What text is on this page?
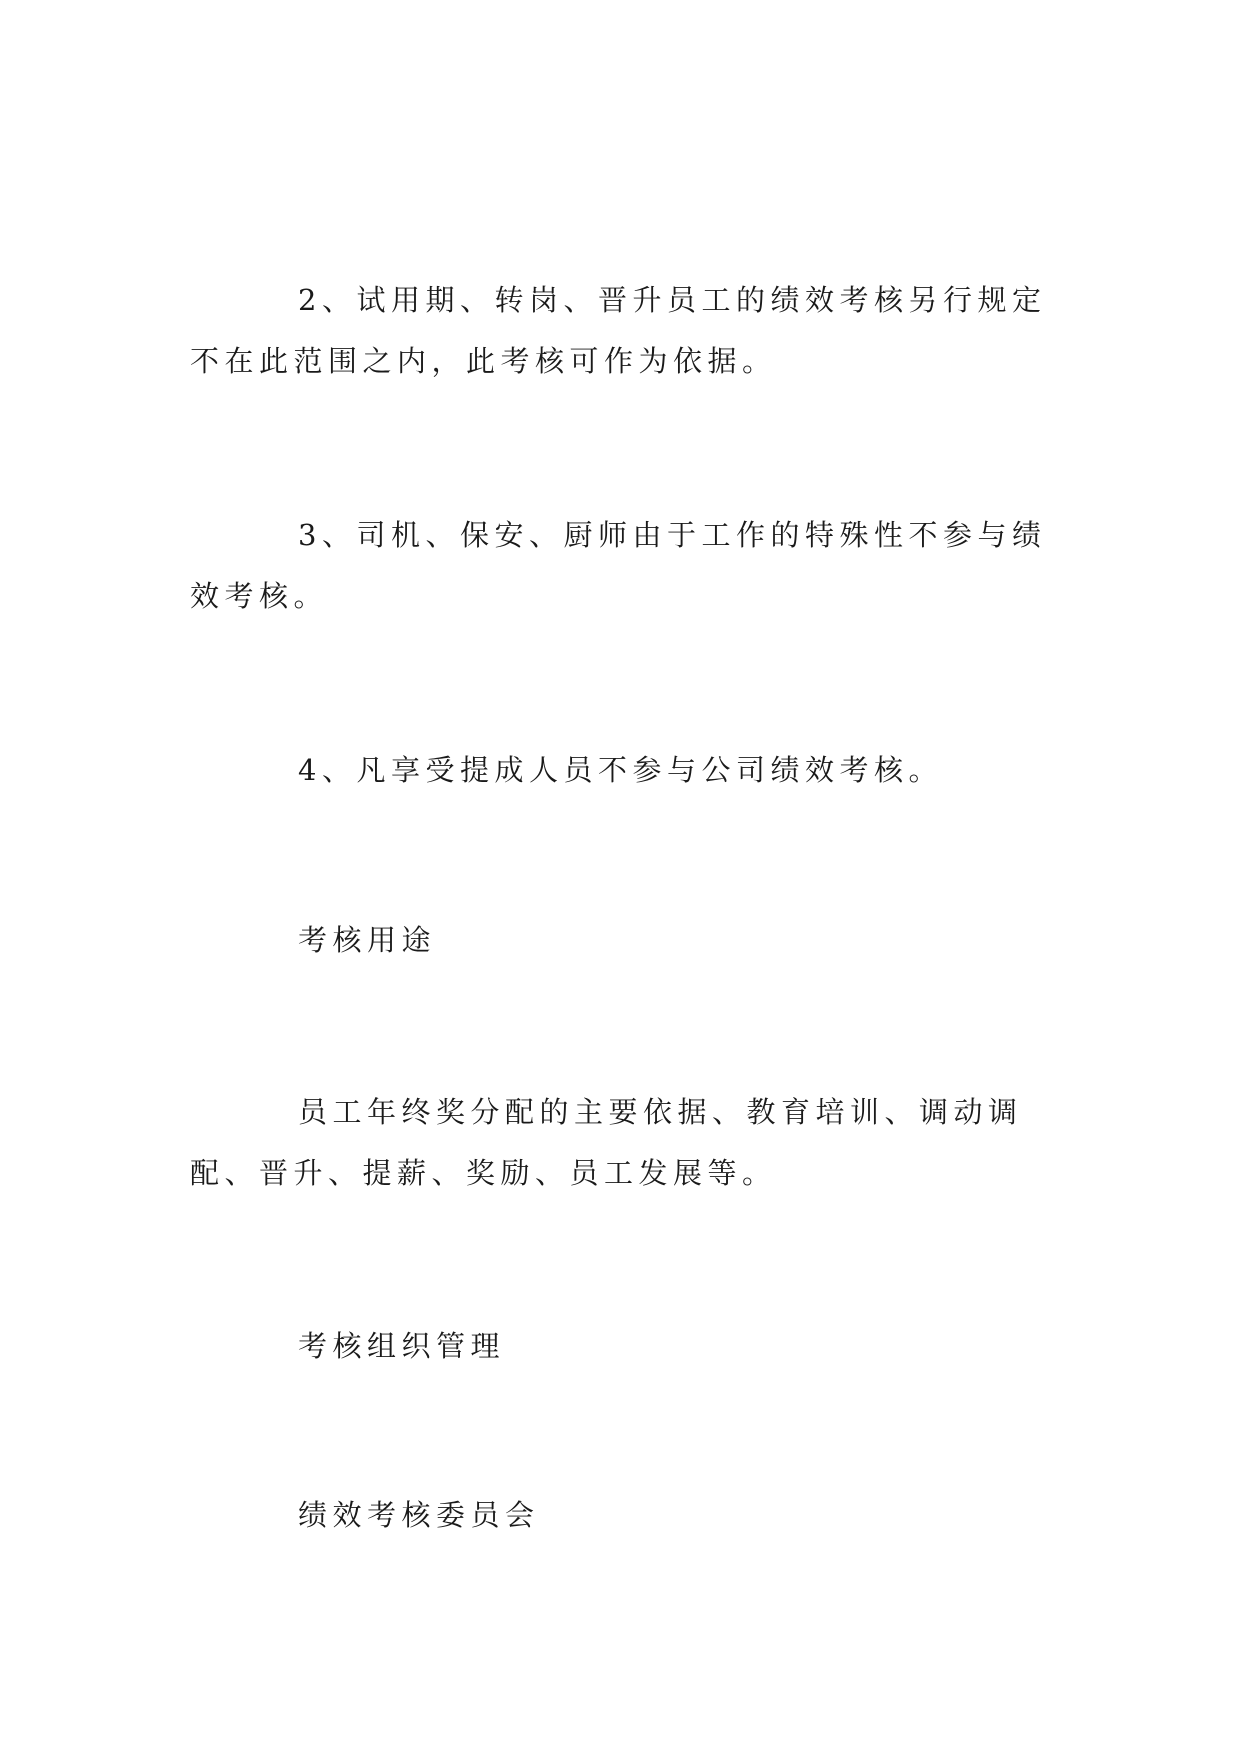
2、试用期、转岗、晋升员工的绩效考核另行规定不在此范围之内，此考核可作为依据。

3、司机、保安、厨师由于工作的特殊性不参与绩效考核。

4、凡享受提成人员不参与公司绩效考核。

考核用途

员工年终奖分配的主要依据、教育培训、调动调配、晋升、提薪、奖励、员工发展等。

考核组织管理

绩效考核委员会
